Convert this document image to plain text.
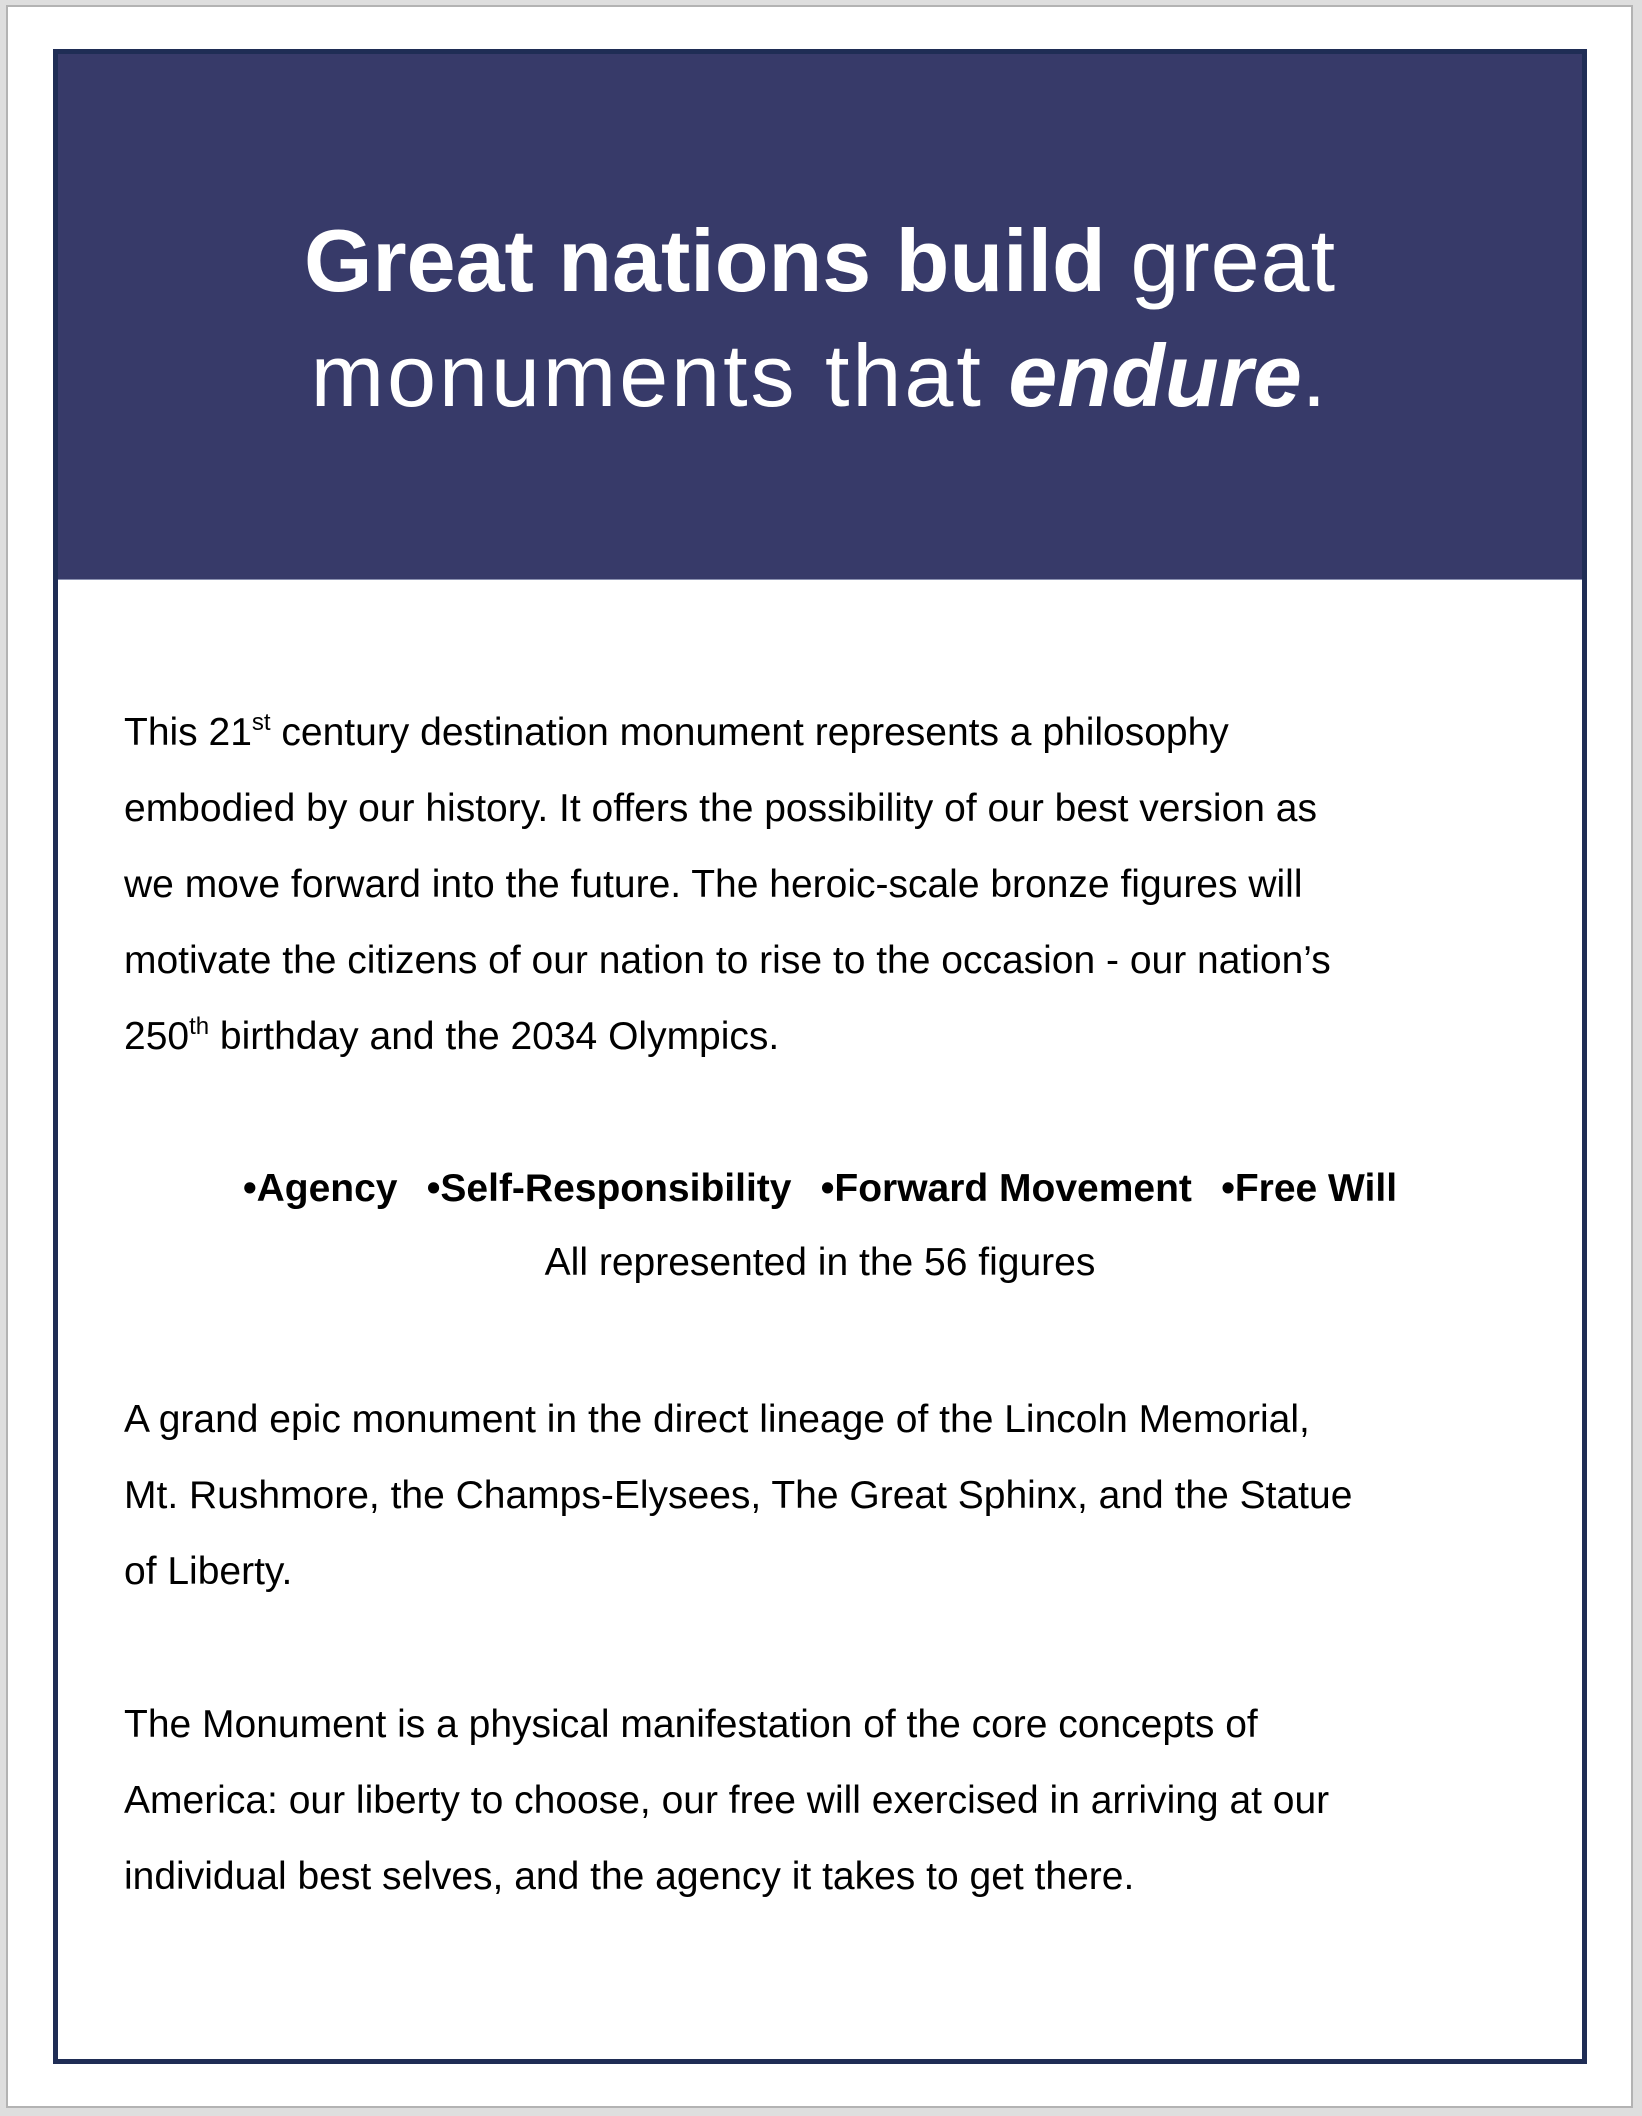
Great nations build great
monuments that endure.
This 21st century destination monument represents a philosophy
embodied by our history. It offers the possibility of our best version as
we move forward into the future. The heroic-scale bronze figures will
motivate the citizens of our nation to rise to the occasion - our nation’s
250th birthday and the 2034 Olympics.
•Agency •Self-Responsibility •Forward Movement •Free Will
All represented in the 56 figures
A grand epic monument in the direct lineage of the Lincoln Memorial,
Mt. Rushmore, the Champs-Elysees, The Great Sphinx, and the Statue
of Liberty.
The Monument is a physical manifestation of the core concepts of
America: our liberty to choose, our free will exercised in arriving at our
individual best selves, and the agency it takes to get there.
